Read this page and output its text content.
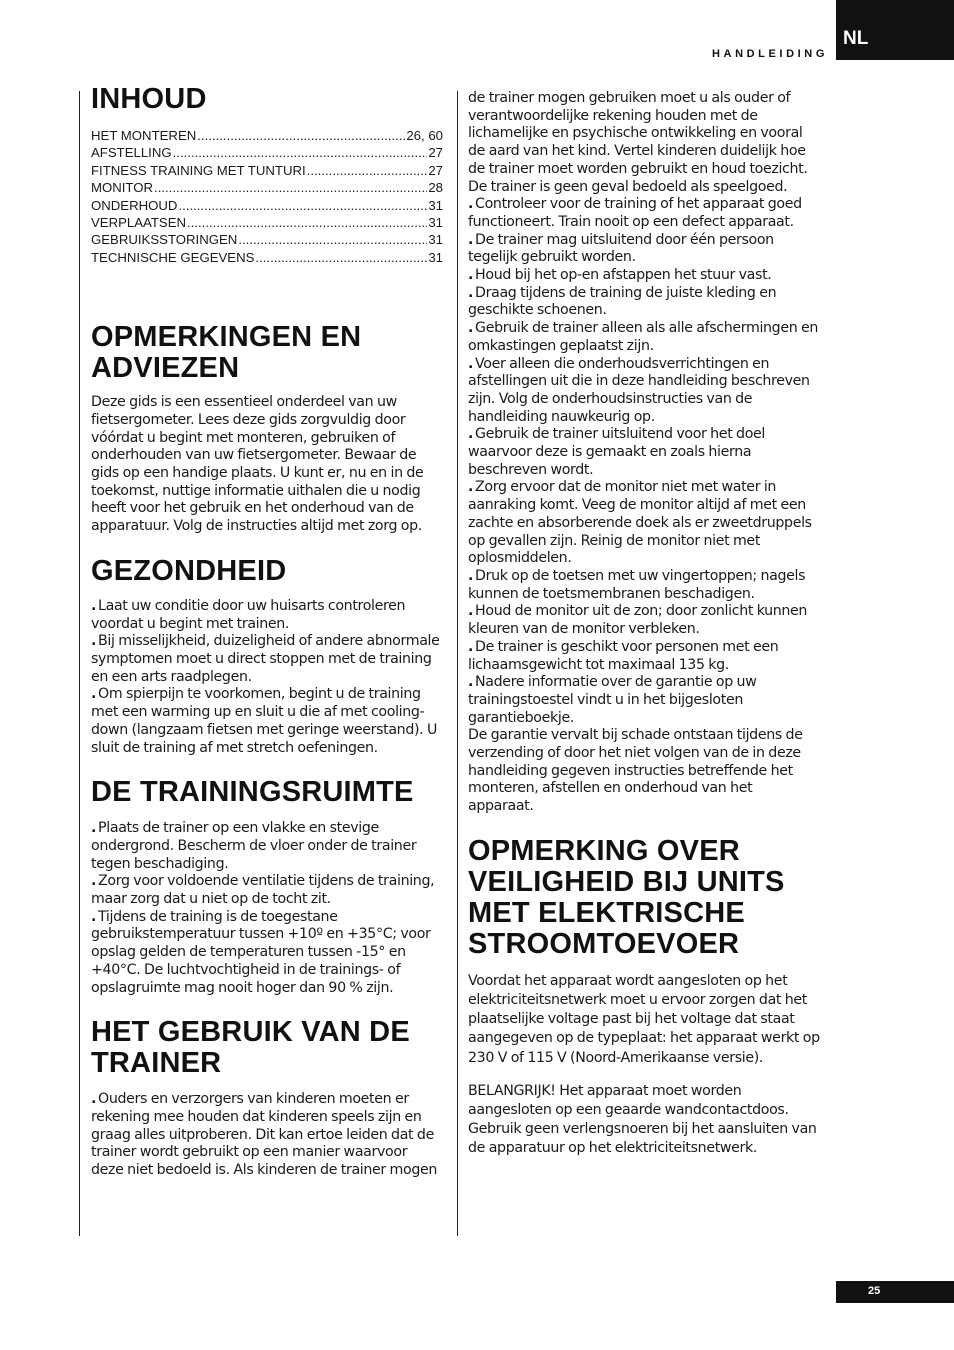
HANDLEIDING
NL
INHOUD
HET MONTEREN .....	26, 60
AFSTELLING .....	27
FITNESS TRAINING MET TUNTURI .....	27
MONITOR .....	28
ONDERHOUD .....	31
VERPLAATSEN .....	31
GEBRUIKSSTORINGEN .....	31
TECHNISCHE GEGEVENS .....	31
OPMERKINGEN EN ADVIEZEN

Deze gids is een essentieel onderdeel van uw fietsergometer. Lees deze gids zorgvuldig door vóórdat u begint met monteren, gebruiken of onderhouden van uw fietsergometer. Bewaar de gids op een handige plaats. U kunt er, nu en in de toekomst, nuttige informatie uithalen die u nodig heeft voor het gebruik en het onderhoud van de apparatuur. Volg de instructies altijd met zorg op.

GEZONDHEID
. Laat uw conditie door uw huisarts controleren voordat u begint met trainen.
. Bij misselijkheid, duizeligheid of andere abnormale symptomen moet u direct stoppen met de training en een arts raadplegen.
. Om spierpijn te voorkomen, begint u de training met een warming up en sluit u die af met cooling-down (langzaam fietsen met geringe weerstand). U sluit de training af met stretch oefeningen.
DE TRAININGSRUIMTE
. Plaats de trainer op een vlakke en stevige ondergrond. Bescherm de vloer onder de trainer tegen beschadiging.
. Zorg voor voldoende ventilatie tijdens de training, maar zorg dat u niet op de tocht zit.
. Tijdens de training is de toegestane gebruikstemperatuur tussen +10º en +35°C; voor opslag gelden de temperaturen tussen -15° en +40°C. De luchtvochtigheid in de trainings- of opslagruimte mag nooit hoger dan 90 % zijn.
HET GEBRUIK VAN DE TRAINER
. Ouders en verzorgers van kinderen moeten er rekening mee houden dat kinderen speels zijn en graag alles uitproberen. Dit kan ertoe leiden dat de trainer wordt gebruikt op een manier waarvoor deze niet bedoeld is. Als kinderen de trainer mogen

de trainer mogen gebruiken moet u als ouder of verantwoordelijke rekening houden met de lichamelijke en psychische ontwikkeling en vooral de aard van het kind. Vertel kinderen duidelijk hoe de trainer moet worden gebruikt en houd toezicht. De trainer is geen geval bedoeld als speelgoed.

. Controleer voor de training of het apparaat goed functioneert. Train nooit op een defect apparaat.
. De trainer mag uitsluitend door één persoon tegelijk gebruikt worden.
. Houd bij het op-en afstappen het stuur vast.
. Draag tijdens de training de juiste kleding en geschikte schoenen.
. Gebruik de trainer alleen als alle afschermingen en omkastingen geplaatst zijn.
. Voer alleen die onderhoudsverrichtingen en afstellingen uit die in deze handleiding beschreven zijn. Volg de onderhoudsinstructies van de handleiding nauwkeurig op.
. Gebruik de trainer uitsluitend voor het doel waarvoor deze is gemaakt en zoals hierna beschreven wordt.
. Zorg ervoor dat de monitor niet met water in aanraking komt. Veeg de monitor altijd af met een zachte en absorberende doek als er zweetdruppels op gevallen zijn. Reinig de monitor niet met oplosmiddelen.
. Druk op de toetsen met uw vingertoppen; nagels kunnen de toetsmembranen beschadigen.
. Houd de monitor uit de zon; door zonlicht kunnen kleuren van de monitor verbleken.
. De trainer is geschikt voor personen met een lichaamsgewicht tot maximaal 135 kg.
. Nadere informatie over de garantie op uw trainingstoestel vindt u in het bijgesloten garantieboekje.

De garantie vervalt bij schade ontstaan tijdens de verzending of door het niet volgen van de in deze handleiding gegeven instructies betreffende het monteren, afstellen en onderhoud van het apparaat.

OPMERKING OVER VEILIGHEID BIJ UNITS MET ELEKTRISCHE STROOMTOEVOER

Voordat het apparaat wordt aangesloten op het elektriciteitsnetwerk moet u ervoor zorgen dat het plaatselijke voltage past bij het voltage dat staat aangegeven op de typeplaat: het apparaat werkt op 230 V of 115 V (Noord-Amerikaanse versie).

BELANGRIJK! Het apparaat moet worden aangesloten op een geaarde wandcontactdoos. Gebruik geen verlengsnoeren bij het aansluiten van de apparatuur op het elektriciteitsnetwerk.

25
